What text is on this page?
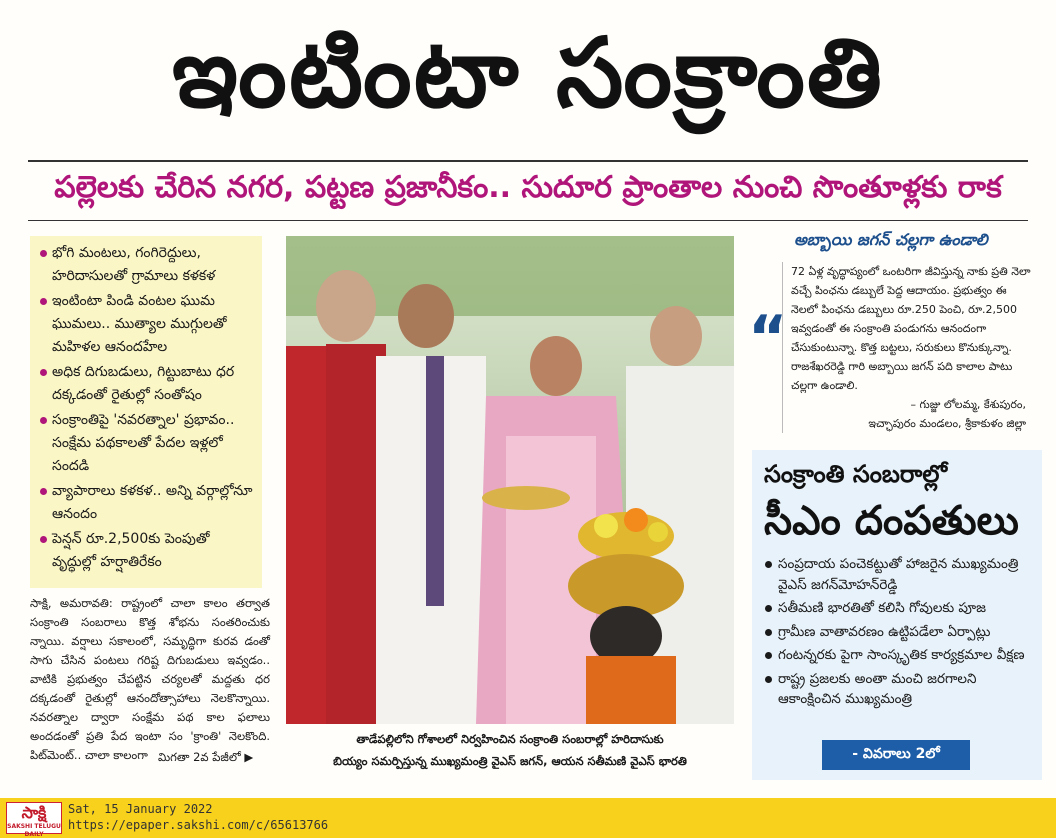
ఇంటింటా సంక్రాంతి
పల్లెలకు చేరిన నగర, పట్టణ ప్రజానీకం.. సుదూర ప్రాంతాల నుంచి సొంతూళ్లకు రాక
భోగి మంటలు, గంగిరెద్దులు, హరిదాసులతో గ్రామాలు కళకళ
ఇంటింటా పిండి వంటల ఘుమ ఘుమలు.. ముత్యాల ముగ్గులతో మహిళల ఆనందహేల
అధిక దిగుబడులు, గిట్టుబాటు ధర దక్కడంతో రైతుల్లో సంతోషం
సంక్రాంతిపై 'నవరత్నాల' ప్రభావం.. సంక్షేమ పథకాలతో పేదల ఇళ్లలో సందడి
వ్యాపారాలు కళకళ.. అన్ని వర్గాల్లోనూ ఆనందం
పెన్షన్ రూ.2,500కు పెంపుతో వృద్ధుల్లో హర్షాతిరేకం
సాక్షి, అమరావతి: రాష్ట్రంలో చాలా కాలం తర్వాత సంక్రాంతి సంబరాలు కొత్త శోభను సంతరించుకు న్నాయి. వర్షాలు సకాలంలో, సమృద్ధిగా కురవ డంతో సాగు చేసిన పంటలు గరిష్ట దిగుబడులు ఇవ్వడం.. వాటికి ప్రభుత్వం చేపట్టిన చర్యలతో మద్దతు ధర దక్కడంతో రైతుల్లో ఆనందోత్సాహాలు నెలకొన్నాయి. నవరత్నాల ద్వారా సంక్షేమ పథ కాల ఫలాలు అందడంతో ప్రతి పేద ఇంటా సం 'క్రాంతి' నెలకొంది. పిట్‌మెంట్.. చాలా కాలంగా మిగతా 2వ పేజీలో ▶
తాడేపల్లిలోని గోశాలలో నిర్వహించిన సంక్రాంతి సంబరాల్లో హరిదాసుకు
బియ్యం సమర్పిస్తున్న ముఖ్యమంత్రి వైఎస్ జగన్, ఆయన సతీమణి వైఎస్ భారతి
అబ్బాయి జగన్ చల్లగా ఉండాలి
“
72 ఏళ్ల వృద్ధాప్యంలో ఒంటరిగా జీవిస్తున్న నాకు ప్రతి నెలా వచ్చే పింఛను డబ్బులే పెద్ద ఆదాయం. ప్రభుత్వం ఈ నెలలో పింఛను డబ్బులు రూ.250 పెంచి, రూ.2,500 ఇవ్వడంతో ఈ సంక్రాంతి పండుగను ఆనందంగా చేసుకుంటున్నా. కొత్త బట్టలు, సరుకులు కొనుక్కున్నా. రాజశేఖరరెడ్డి గారి అబ్బాయి జగన్ పది కాలాల పాటు చల్లగా ఉండాలి.
– గుజ్జు లోలమ్మ, కేశుపురం,
ఇచ్ఛాపురం మండలం, శ్రీకాకుళం జిల్లా
సంక్రాంతి సంబరాల్లో
సీఎం దంపతులు
సంప్రదాయ పంచెకట్టుతో హాజరైన ముఖ్యమంత్రి వైఎస్ జగన్‌మోహన్‌రెడ్డి
సతీమణి భారతితో కలిసి గోవులకు పూజ
గ్రామీణ వాతావరణం ఉట్టిపడేలా ఏర్పాట్లు
గంటన్నరకు పైగా సాంస్కృతిక కార్యక్రమాల వీక్షణ
రాష్ట్ర ప్రజలకు అంతా మంచి జరగాలని ఆకాంక్షించిన ముఖ్యమంత్రి
- వివరాలు 2లో
సాక్షి
SAKSHI TELUGU DAILY
Sat, 15 January 2022
https://epaper.sakshi.com/c/65613766
